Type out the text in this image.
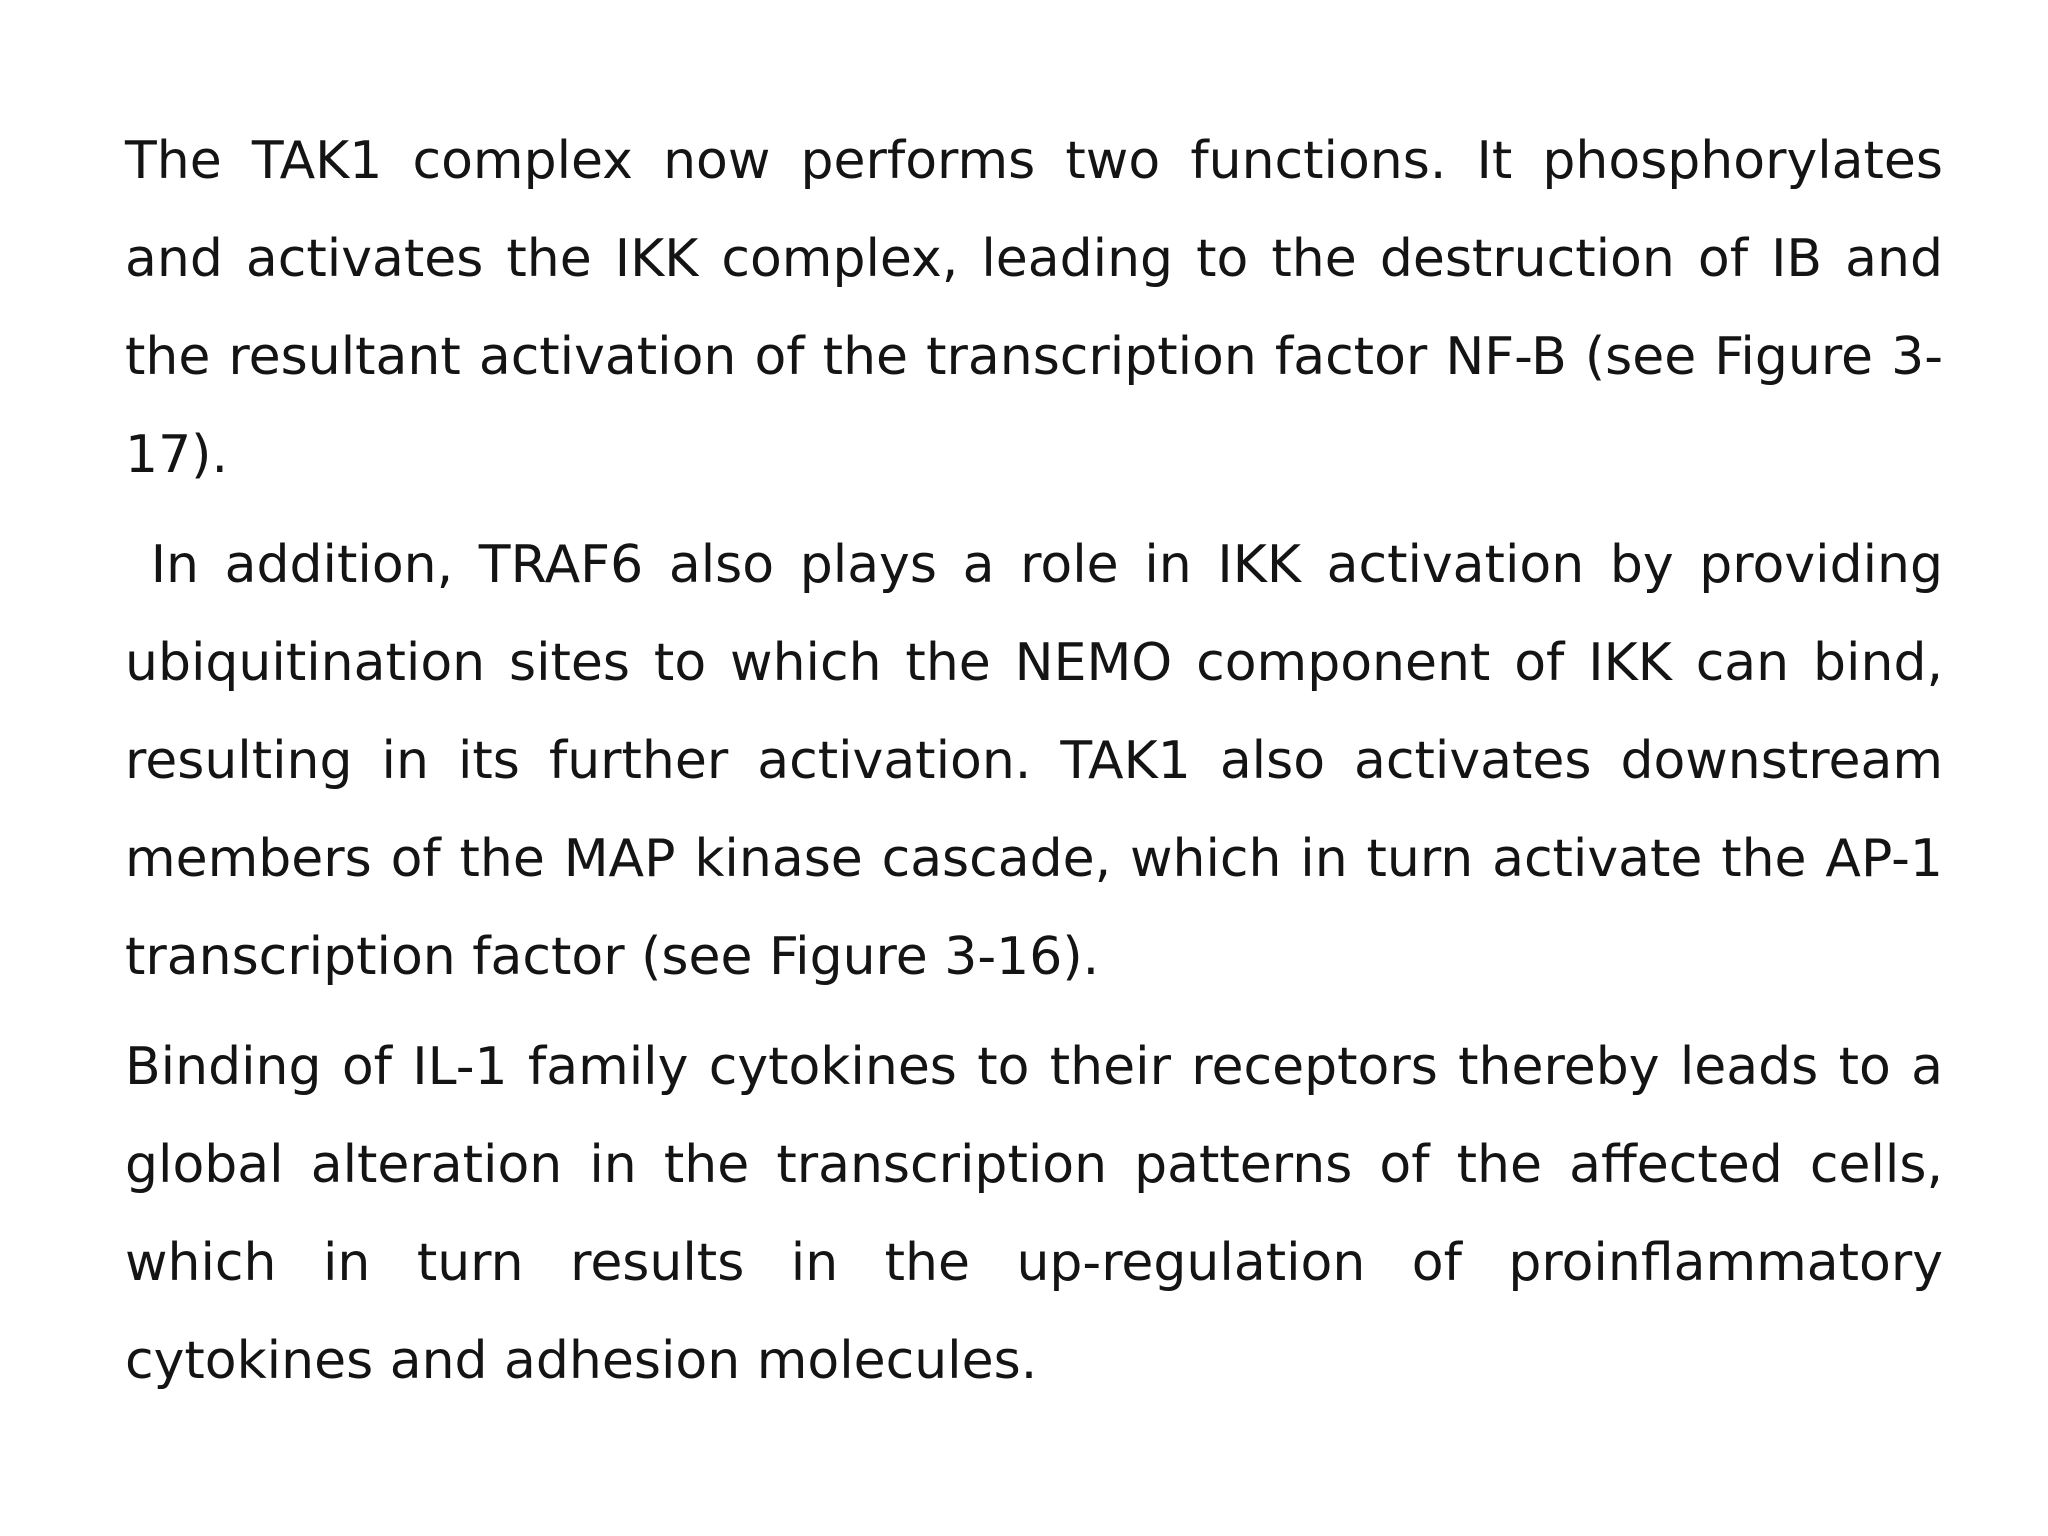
The TAK1 complex now performs two functions. It phosphorylates and activates the IKK complex, leading to the destruction of IB and the resultant activation of the transcription factor NF-B (see Figure 3-17).

In addition, TRAF6 also plays a role in IKK activation by providing ubiquitination sites to which the NEMO component of IKK can bind, resulting in its further activation. TAK1 also activates downstream members of the MAP kinase cascade, which in turn activate the AP-1 transcription factor (see Figure 3-16).

Binding of IL-1 family cytokines to their receptors thereby leads to a global alteration in the transcription patterns of the affected cells, which in turn results in the up-regulation of proinflammatory cytokines and adhesion molecules.
